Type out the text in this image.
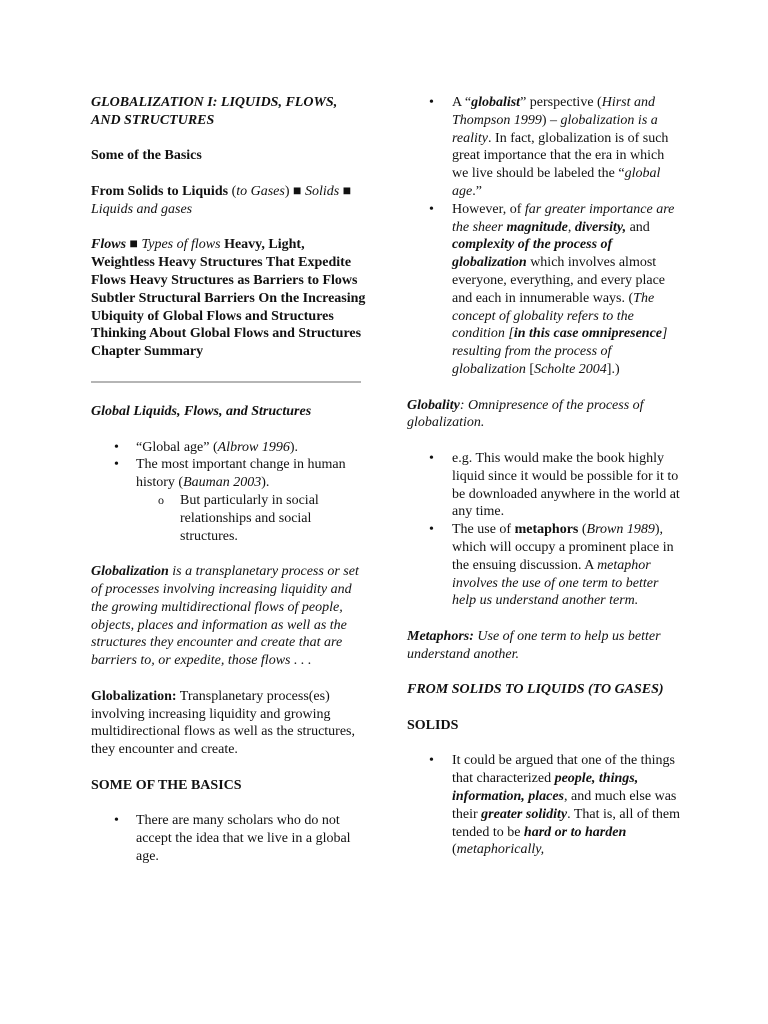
GLOBALIZATION I: LIQUIDS, FLOWS, AND STRUCTURES

Some of the Basics

From Solids to Liquids (to Gases) ■ Solids ■ Liquids and gases

Flows ■ Types of flows Heavy, Light, Weightless Heavy Structures That Expedite Flows Heavy Structures as Barriers to Flows Subtler Structural Barriers On the Increasing Ubiquity of Global Flows and Structures Thinking About Global Flows and Structures Chapter Summary

Global Liquids, Flows, and Structures

• “Global age” (Albrow 1996).
• The most important change in human history (Bauman 2003).
o But particularly in social relationships and social structures.

Globalization is a transplanetary process or set of processes involving increasing liquidity and the growing multidirectional flows of people, objects, places and information as well as the structures they encounter and create that are barriers to, or expedite, those flows . . .

Globalization: Transplanetary process(es) involving increasing liquidity and growing multidirectional flows as well as the structures, they encounter and create.

SOME OF THE BASICS

• There are many scholars who do not accept the idea that we live in a global age.
• A “globalist” perspective (Hirst and Thompson 1999) – globalization is a reality. In fact, globalization is of such great importance that the era in which we live should be labeled the “global age.”
• However, of far greater importance are the sheer magnitude, diversity, and complexity of the process of globalization which involves almost everyone, everything, and every place and each in innumerable ways. (The concept of globality refers to the condition [in this case omnipresence] resulting from the process of globalization [Scholte 2004].)

Globality: Omnipresence of the process of globalization.

• e.g. This would make the book highly liquid since it would be possible for it to be downloaded anywhere in the world at any time.
• The use of metaphors (Brown 1989), which will occupy a prominent place in the ensuing discussion. A metaphor involves the use of one term to better help us understand another term.

Metaphors: Use of one term to help us better understand another.

FROM SOLIDS TO LIQUIDS (TO GASES)

SOLIDS

• It could be argued that one of the things that characterized people, things, information, places, and much else was their greater solidity. That is, all of them tended to be hard or to harden (metaphorically,
